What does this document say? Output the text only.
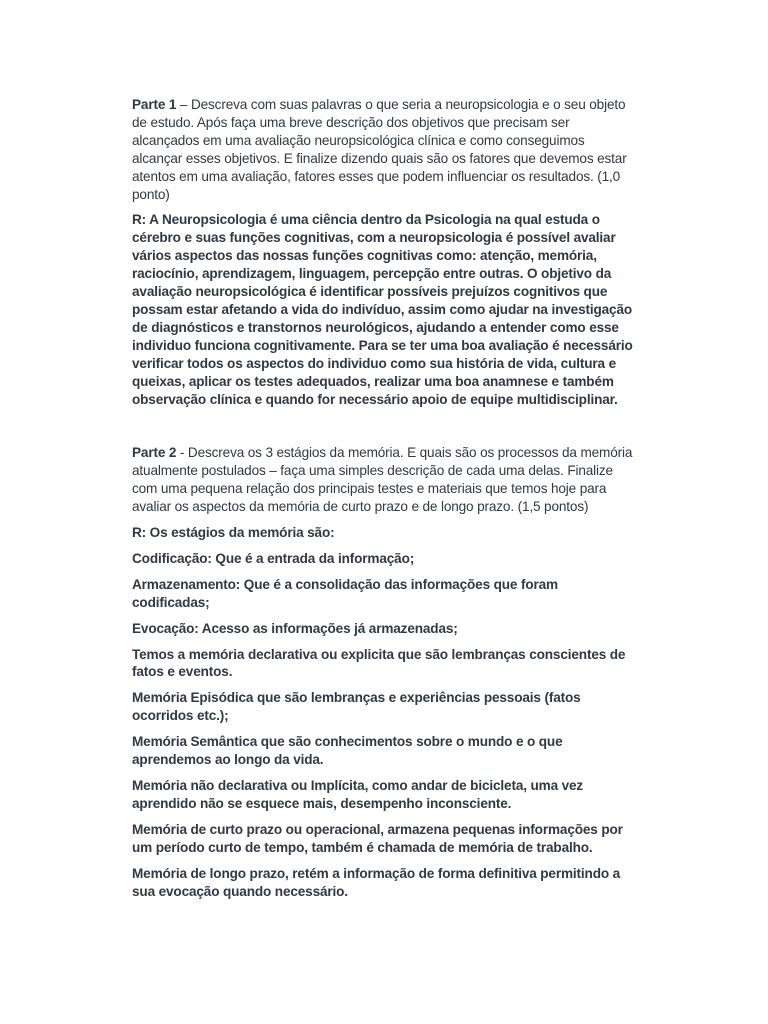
Parte 1 – Descreva com suas palavras o que seria a neuropsicologia e o seu objeto de estudo. Após faça uma breve descrição dos objetivos que precisam ser alcançados em uma avaliação neuropsicológica clínica e como conseguimos alcançar esses objetivos. E finalize dizendo quais são os fatores que devemos estar atentos em uma avaliação, fatores esses que podem influenciar os resultados. (1,0 ponto)

R: A Neuropsicologia é uma ciência dentro da Psicologia na qual estuda o cérebro e suas funções cognitivas, com a neuropsicologia é possível avaliar vários aspectos das nossas funções cognitivas como: atenção, memória, raciocínio, aprendizagem, linguagem, percepção entre outras. O objetivo da avaliação neuropsicológica é identificar possíveis prejuízos cognitivos que possam estar afetando a vida do indivíduo, assim como ajudar na investigação de diagnósticos e transtornos neurológicos, ajudando a entender como esse individuo funciona cognitivamente. Para se ter uma boa avaliação é necessário verificar todos os aspectos do individuo como sua história de vida, cultura e queixas, aplicar os testes adequados, realizar uma boa anamnese e também observação clínica e quando for necessário apoio de equipe multidisciplinar.

Parte 2 - Descreva os 3 estágios da memória. E quais são os processos da memória atualmente postulados – faça uma simples descrição de cada uma delas. Finalize com uma pequena relação dos principais testes e materiais que temos hoje para avaliar os aspectos da memória de curto prazo e de longo prazo. (1,5 pontos)

R: Os estágios da memória são:

Codificação: Que é a entrada da informação;

Armazenamento: Que é a consolidação das informações que foram codificadas;

Evocação: Acesso as informações já armazenadas;

Temos a memória declarativa ou explicita que são lembranças conscientes de fatos e eventos.

Memória Episódica que são lembranças e experiências pessoais (fatos ocorridos etc.);

Memória Semântica que são conhecimentos sobre o mundo e o que aprendemos ao longo da vida.

Memória não declarativa ou Implícita, como andar de bicicleta, uma vez aprendido não se esquece mais, desempenho inconsciente.

Memória de curto prazo ou operacional, armazena pequenas informações por um período curto de tempo, também é chamada de memória de trabalho.

Memória de longo prazo, retém a informação de forma definitiva permitindo a sua evocação quando necessário.
